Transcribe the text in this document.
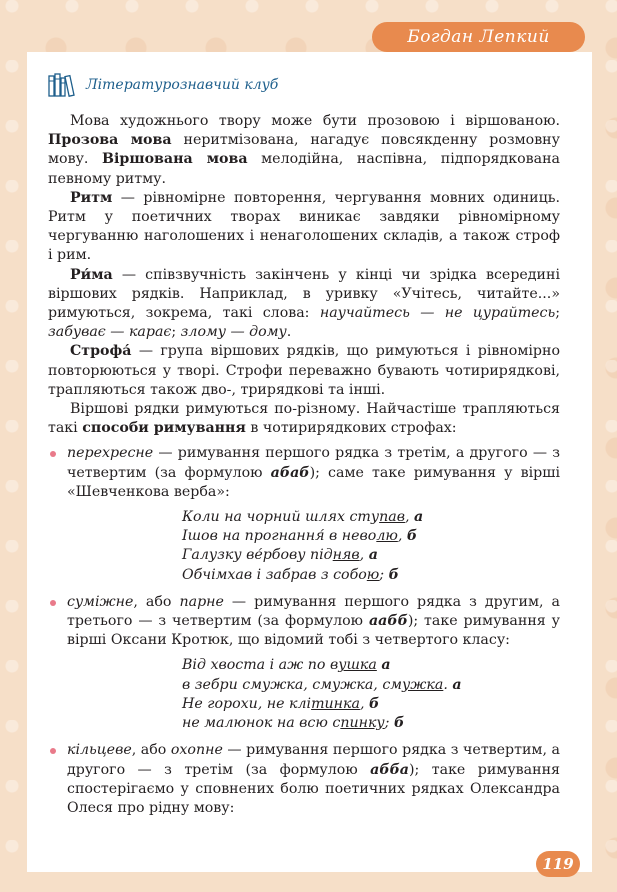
Богдан Лепкий
Літературознавчий клуб

Мова художнього твору може бути прозовою і віршованою. Прозова мова неритмізована, нагадує повсякденну розмовну мову. Віршована мова мелодійна, наспівна, підпорядкована певному ритму.

Ритм — рівномірне повторення, чергування мовних одиниць. Ритм у поетичних творах виникає завдяки рівномірному чергуванню наголошених і ненаголошених складів, а також строф і рим.

Ри́ма — співзвучність закінчень у кінці чи зрідка всередині віршових рядків. Наприклад, в уривку «Учітесь, читайте...» римуються, зокрема, такі слова: научайтесь — не цурайтесь; забуває — карає; злому — дому.

Строфа́ — група віршових рядків, що римуються і рівномірно повторюються у творі. Строфи переважно бувають чотирирядкові, трапляються також дво-, трирядкові та інші.

Віршові рядки римуються по-різному. Найчастіше трапляються такі способи римування в чотирирядкових строфах:

перехресне — римування першого рядка з третім, а другого — з четвертим (за формулою абаб); саме таке римування у вірші «Шевченкова верба»:

Коли на чорний шлях ступав, а
Ішов на прогнання́ в неволю, б
Галузку ве́рбову підняв, а
Обчімхав і забрав з собою; б

суміжне, або парне — римування першого рядка з другим, а третього — з четвертим (за формулою аабб); таке римування у вірші Оксани Кротюк, що відомий тобі з четвертого класу:

Від хвоста і аж по вушка а
в зебри смужка, смужка, смужка. а
Не горохи, не клітинка, б
не малюнок на всю спинку; б

кільцеве, або охопне — римування першого рядка з четвертим, а другого — з третім (за формулою абба); таке римування спостерігаємо у сповнених болю поетичних рядках Олександра Олеся про рідну мову:

119
